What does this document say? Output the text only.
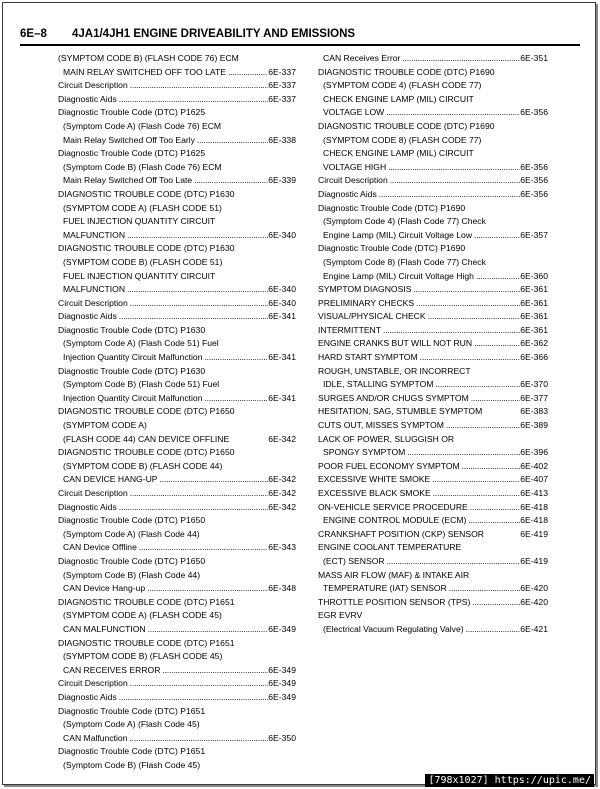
6E–8 4JA1/4JH1 ENGINE DRIVEABILITY AND EMISSIONS
(SYMPTOM CODE B) (FLASH CODE 76) ECM
MAIN RELAY SWITCHED OFF TOO LATE . . .	6E-337
Circuit Description . . .	6E-337
Diagnostic Aids . . .	6E-337
Diagnostic Trouble Code (DTC) P1625
(Symptom Code A) (Flash Code 76) ECM
Main Relay Switched Off Too Early . . .	6E-338
Diagnostic Trouble Code (DTC) P1625
(Symptom Code B) (Flash Code 76) ECM
Main Relay Switched Off Too Late . . .	6E-339
DIAGNOSTIC TROUBLE CODE (DTC) P1630
(SYMPTOM CODE A) (FLASH CODE 51)
FUEL INJECTION QUANTITY CIRCUIT
MALFUNCTION . . .	6E-340
DIAGNOSTIC TROUBLE CODE (DTC) P1630
(SYMPTOM CODE B) (FLASH CODE 51)
FUEL INJECTION QUANTITY CIRCUIT
MALFUNCTION . . .	6E-340
Circuit Description . . .	6E-340
Diagnostic Aids . . .	6E-341
Diagnostic Trouble Code (DTC) P1630
(Symptom Code A) (Flash Code 51) Fuel
Injection Quantity Circuit Malfunction . . .	6E-341
Diagnostic Trouble Code (DTC) P1630
(Symptom Code B) (Flash Code 51) Fuel
Injection Quantity Circuit Malfunction . . .	6E-341
DIAGNOSTIC TROUBLE CODE (DTC) P1650
(SYMPTOM CODE A)
(FLASH CODE 44) CAN DEVICE OFFLINE	6E-342
DIAGNOSTIC TROUBLE CODE (DTC) P1650
(SYMPTOM CODE B) (FLASH CODE 44)
CAN DEVICE HANG-UP . . .	6E-342
Circuit Description . . .	6E-342
Diagnostic Aids . . .	6E-342
Diagnostic Trouble Code (DTC) P1650
(Symptom Code A) (Flash Code 44)
CAN Device Offline . . .	6E-343
Diagnostic Trouble Code (DTC) P1650
(Symptom Code B) (Flash Code 44)
CAN Device Hang-up . . .	6E-348
DIAGNOSTIC TROUBLE CODE (DTC) P1651
(SYMPTOM CODE A) (FLASH CODE 45)
CAN MALFUNCTION . . .	6E-349
DIAGNOSTIC TROUBLE CODE (DTC) P1651
(SYMPTOM CODE B) (FLASH CODE 45)
CAN RECEIVES ERROR . . .	6E-349
Circuit Description . . .	6E-349
Diagnostic Aids . . .	6E-349
Diagnostic Trouble Code (DTC) P1651
(Symptom Code A) (Flash Code 45)
CAN Malfunction . . .	6E-350
Diagnostic Trouble Code (DTC) P1651
(Symptom Code B) (Flash Code 45)
CAN Receives Error . . .	6E-351
DIAGNOSTIC TROUBLE CODE (DTC) P1690
(SYMPTOM CODE 4) (FLASH CODE 77)
CHECK ENGINE LAMP (MIL) CIRCUIT
VOLTAGE LOW . . .	6E-356
DIAGNOSTIC TROUBLE CODE (DTC) P1690
(SYMPTOM CODE 8) (FLASH CODE 77)
CHECK ENGINE LAMP (MIL) CIRCUIT
VOLTAGE HIGH . . .	6E-356
Circuit Description . . .	6E-356
Diagnostic Aids . . .	6E-356
Diagnostic Trouble Code (DTC) P1690
(Symptom Code 4) (Flash Code 77) Check
Engine Lamp (MIL) Circuit Voltage Low . . .	6E-357
Diagnostic Trouble Code (DTC) P1690
(Symptom Code 8) (Flash Code 77) Check
Engine Lamp (MIL) Circuit Voltage High . . .	6E-360
SYMPTOM DIAGNOSIS . . .	6E-361
PRELIMINARY CHECKS . . .	6E-361
VISUAL/PHYSICAL CHECK . . .	6E-361
INTERMITTENT . . .	6E-361
ENGINE CRANKS BUT WILL NOT RUN . . .	6E-362
HARD START SYMPTOM . . .	6E-366
ROUGH, UNSTABLE, OR INCORRECT
IDLE, STALLING SYMPTOM . . .	6E-370
SURGES AND/OR CHUGS SYMPTOM . . .	6E-377
HESITATION, SAG, STUMBLE SYMPTOM	6E-383
CUTS OUT, MISSES SYMPTOM . . .	6E-389
LACK OF POWER, SLUGGISH OR
SPONGY SYMPTOM . . .	6E-396
POOR FUEL ECONOMY SYMPTOM . . .	6E-402
EXCESSIVE WHITE SMOKE . . .	6E-407
EXCESSIVE BLACK SMOKE . . .	6E-413
ON-VEHICLE SERVICE PROCEDURE . . .	6E-418
ENGINE CONTROL MODULE (ECM) . . .	6E-418
CRANKSHAFT POSITION (CKP) SENSOR	6E-419
ENGINE COOLANT TEMPERATURE
(ECT) SENSOR . . .	6E-419
MASS AIR FLOW (MAF) & INTAKE AIR
TEMPERATURE (IAT) SENSOR . . .	6E-420
THROTTLE POSITION SENSOR (TPS) . . .	6E-420
EGR EVRV
(Electrical Vacuum Regulating Valve) . . .	6E-421
[798x1027] https://upic.me/
